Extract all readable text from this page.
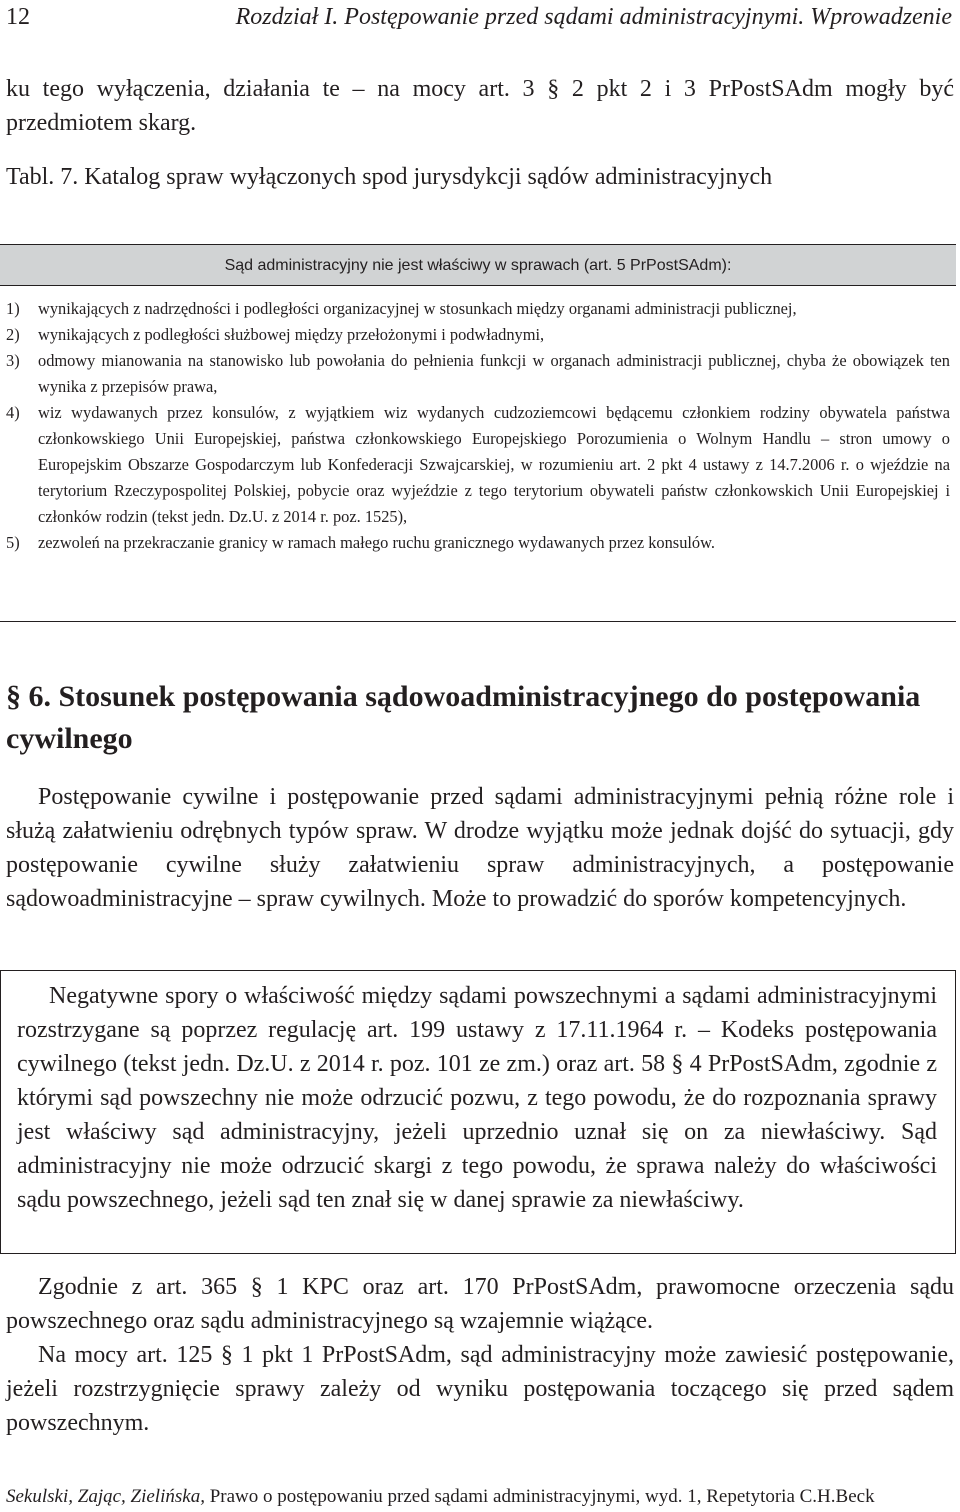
12	Rozdział I. Postępowanie przed sądami administracyjnymi. Wprowadzenie
ku tego wyłączenia, działania te – na mocy art. 3 § 2 pkt 2 i 3 PrPostSAdm mogły być przedmiotem skarg.
Tabl. 7. Katalog spraw wyłączonych spod jurysdykcji sądów administracyjnych
Sąd administracyjny nie jest właściwy w sprawach (art. 5 PrPostSAdm):
1) wynikających z nadrzędności i podległości organizacyjnej w stosunkach między organami administracji publicznej,
2) wynikających z podległości służbowej między przełożonymi i podwładnymi,
3) odmowy mianowania na stanowisko lub powołania do pełnienia funkcji w organach administracji publicznej, chyba że obowiązek ten wynika z przepisów prawa,
4) wiz wydawanych przez konsulów, z wyjątkiem wiz wydanych cudzoziemcowi będącemu członkiem rodziny obywatela państwa członkowskiego Unii Europejskiej, państwa członkowskiego Europejskiego Porozumienia o Wolnym Handlu – stron umowy o Europejskim Obszarze Gospodarczym lub Konfederacji Szwajcarskiej, w rozumieniu art. 2 pkt 4 ustawy z 14.7.2006 r. o wjeździe na terytorium Rzeczypospolitej Polskiej, pobycie oraz wyjeździe z tego terytorium obywateli państw członkowskich Unii Europejskiej i członków rodzin (tekst jedn. Dz.U. z 2014 r. poz. 1525),
5) zezwoleń na przekraczanie granicy w ramach małego ruchu granicznego wydawanych przez konsulów.
§ 6. Stosunek postępowania sądowoadministracyjnego do postępowania cywilnego
Postępowanie cywilne i postępowanie przed sądami administracyjnymi pełnią różne role i służą załatwieniu odrębnych typów spraw. W drodze wyjątku może jednak dojść do sytuacji, gdy postępowanie cywilne służy załatwieniu spraw administracyjnych, a postępowanie sądowoadministracyjne – spraw cywilnych. Może to prowadzić do sporów kompetencyjnych.

Negatywne spory o właściwość między sądami powszechnymi a sądami administracyjnymi rozstrzygane są poprzez regulację art. 199 ustawy z 17.11.1964 r. – Kodeks postępowania cywilnego (tekst jedn. Dz.U. z 2014 r. poz. 101 ze zm.) oraz art. 58 § 4 PrPostSAdm, zgodnie z którymi sąd powszechny nie może odrzucić pozwu, z tego powodu, że do rozpoznania sprawy jest właściwy sąd administracyjny, jeżeli uprzednio uznał się on za niewłaściwy. Sąd administracyjny nie może odrzucić skargi z tego powodu, że sprawa należy do właściwości sądu powszechnego, jeżeli sąd ten znał się w danej sprawie za niewłaściwy.

Zgodnie z art. 365 § 1 KPC oraz art. 170 PrPostSAdm, prawomocne orzeczenia sądu powszechnego oraz sądu administracyjnego są wzajemnie wiążące.

Na mocy art. 125 § 1 pkt 1 PrPostSAdm, sąd administracyjny może zawiesić postępowanie, jeżeli rozstrzygnięcie sprawy zależy od wyniku postępowania toczącego się przed sądem powszechnym.

Sekulski, Zając, Zielińska, Prawo o postępowaniu przed sądami administracyjnymi, wyd. 1, Repetytoria C.H.Beck
